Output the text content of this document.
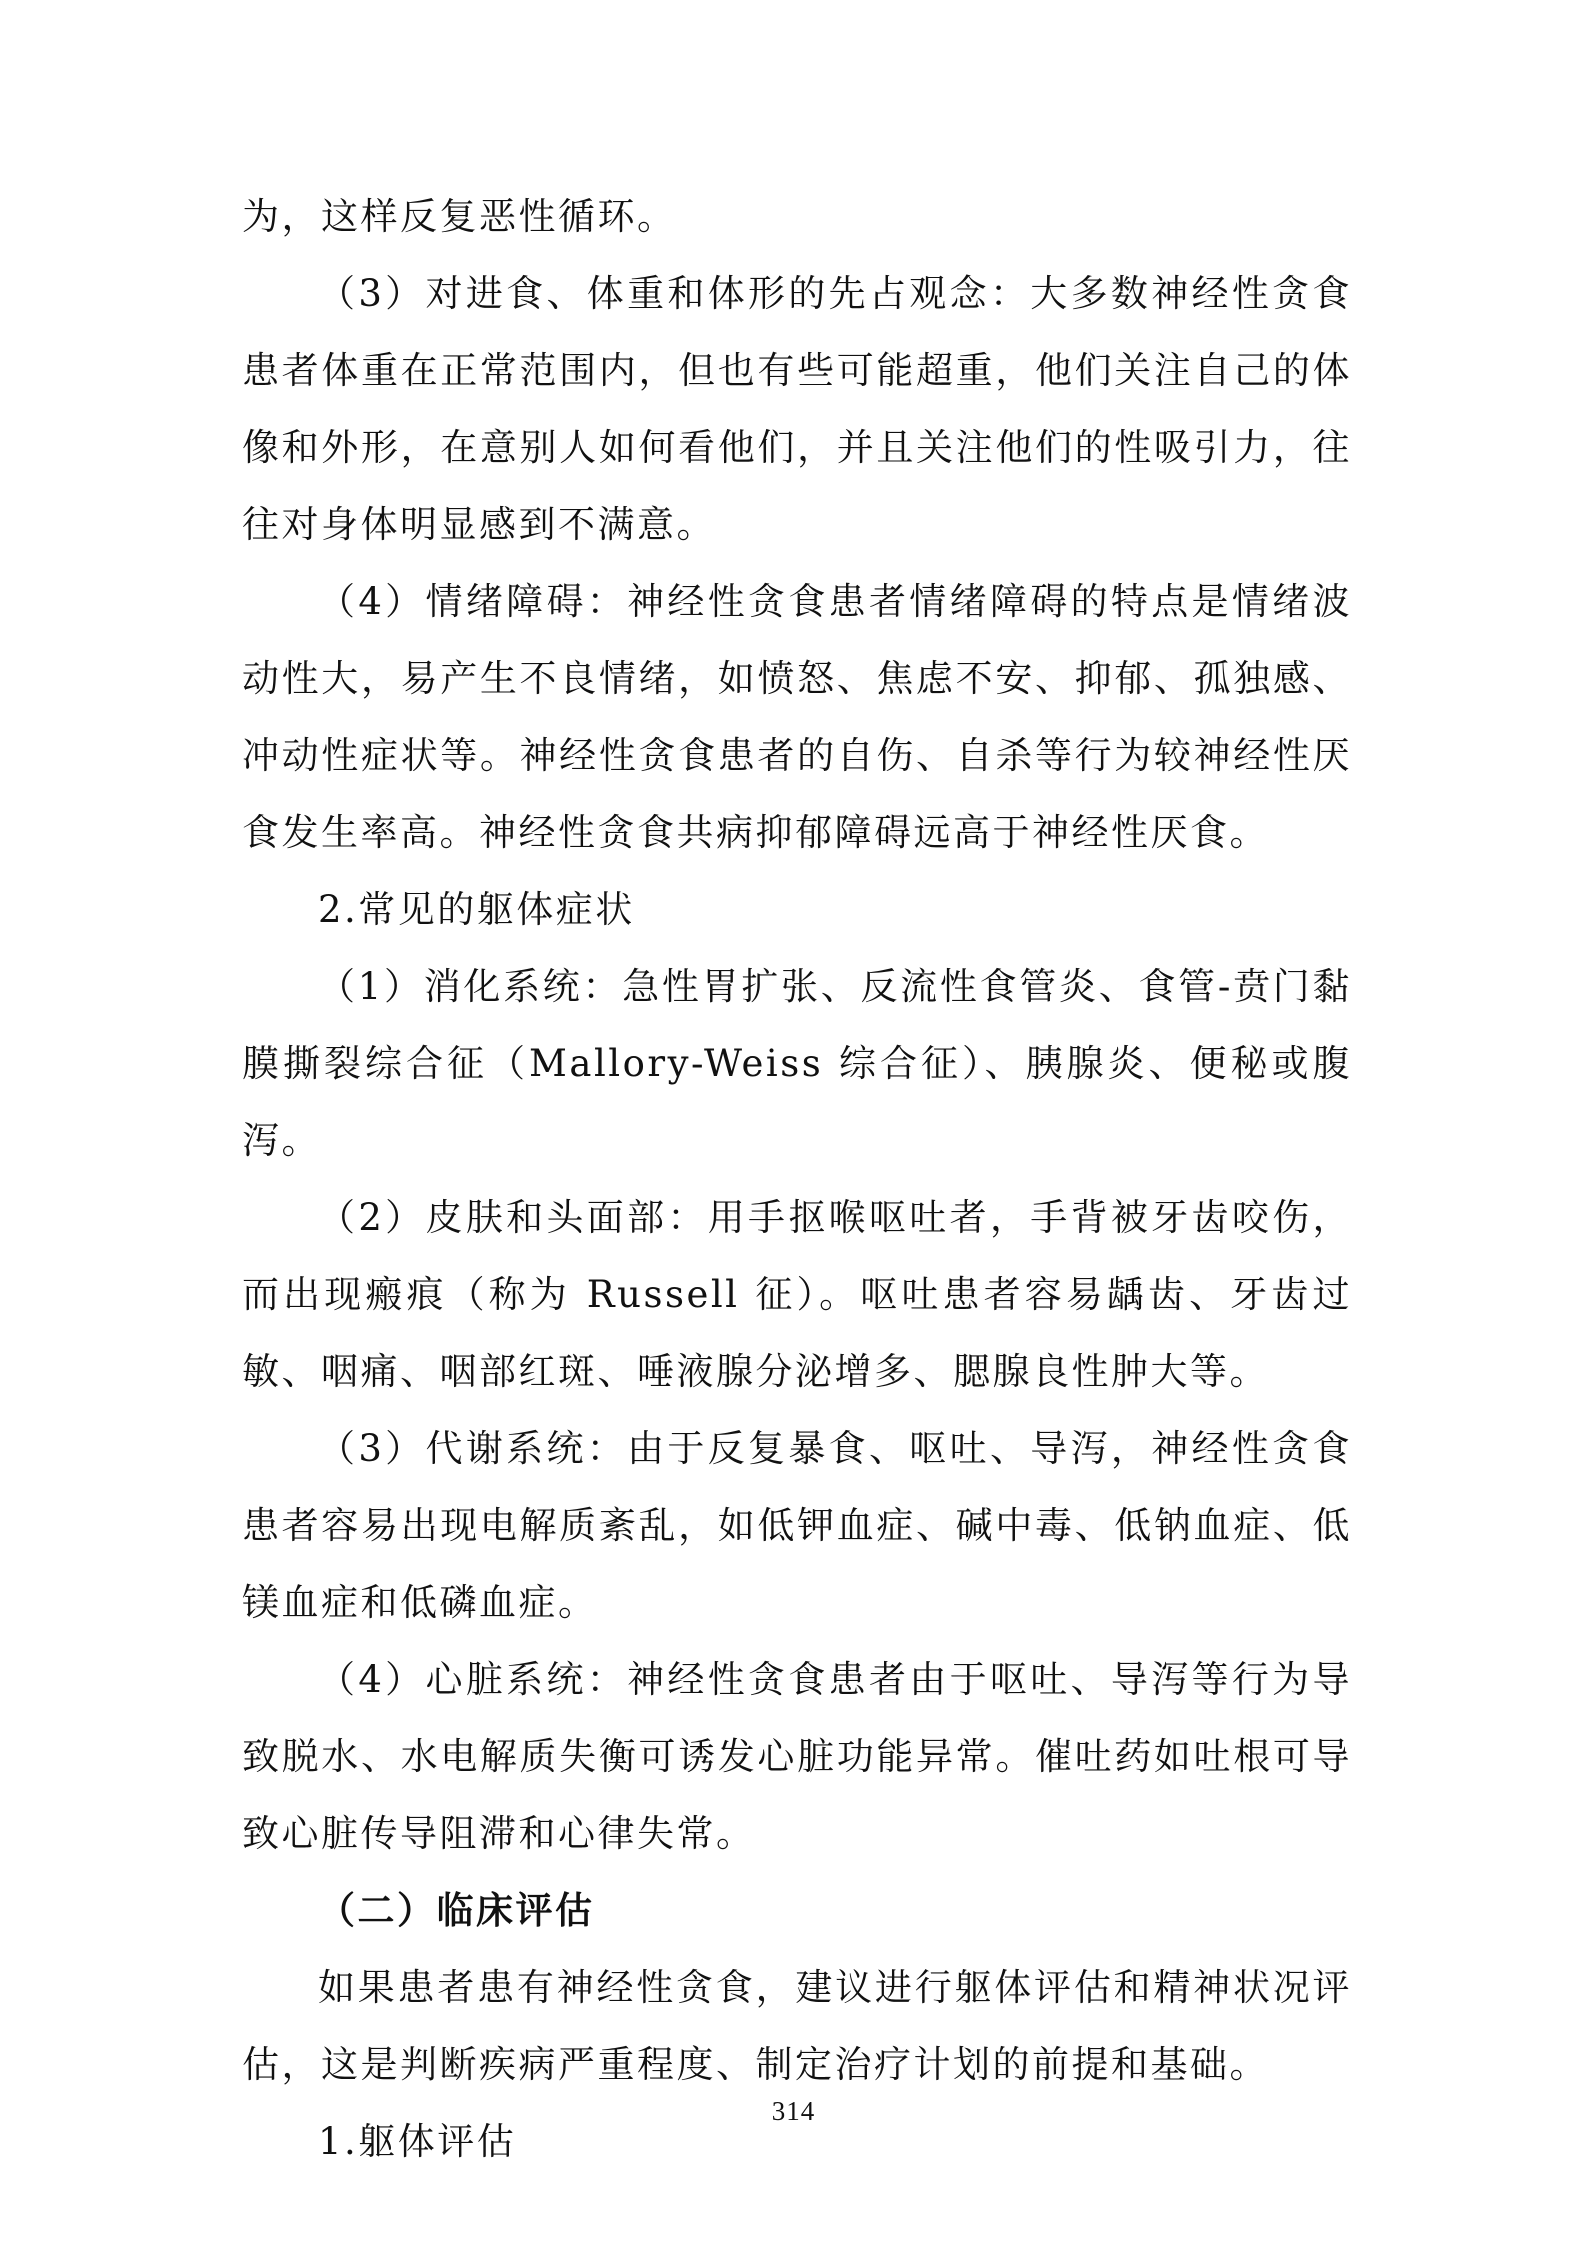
为，这样反复恶性循环。

（3）对进食、体重和体形的先占观念：大多数神经性贪食患者体重在正常范围内，但也有些可能超重，他们关注自己的体像和外形，在意别人如何看他们，并且关注他们的性吸引力，往往对身体明显感到不满意。

（4）情绪障碍：神经性贪食患者情绪障碍的特点是情绪波动性大，易产生不良情绪，如愤怒、焦虑不安、抑郁、孤独感、冲动性症状等。神经性贪食患者的自伤、自杀等行为较神经性厌食发生率高。神经性贪食共病抑郁障碍远高于神经性厌食。

2.常见的躯体症状

（1）消化系统：急性胃扩张、反流性食管炎、食管-贲门黏膜撕裂综合征（Mallory-Weiss 综合征）、胰腺炎、便秘或腹泻。

（2）皮肤和头面部：用手抠喉呕吐者，手背被牙齿咬伤，而出现瘢痕（称为 Russell 征）。呕吐患者容易龋齿、牙齿过敏、咽痛、咽部红斑、唾液腺分泌增多、腮腺良性肿大等。

（3）代谢系统：由于反复暴食、呕吐、导泻，神经性贪食患者容易出现电解质紊乱，如低钾血症、碱中毒、低钠血症、低镁血症和低磷血症。

（4）心脏系统：神经性贪食患者由于呕吐、导泻等行为导致脱水、水电解质失衡可诱发心脏功能异常。催吐药如吐根可导致心脏传导阻滞和心律失常。

（二）临床评估

如果患者患有神经性贪食，建议进行躯体评估和精神状况评估，这是判断疾病严重程度、制定治疗计划的前提和基础。

1.躯体评估

314
